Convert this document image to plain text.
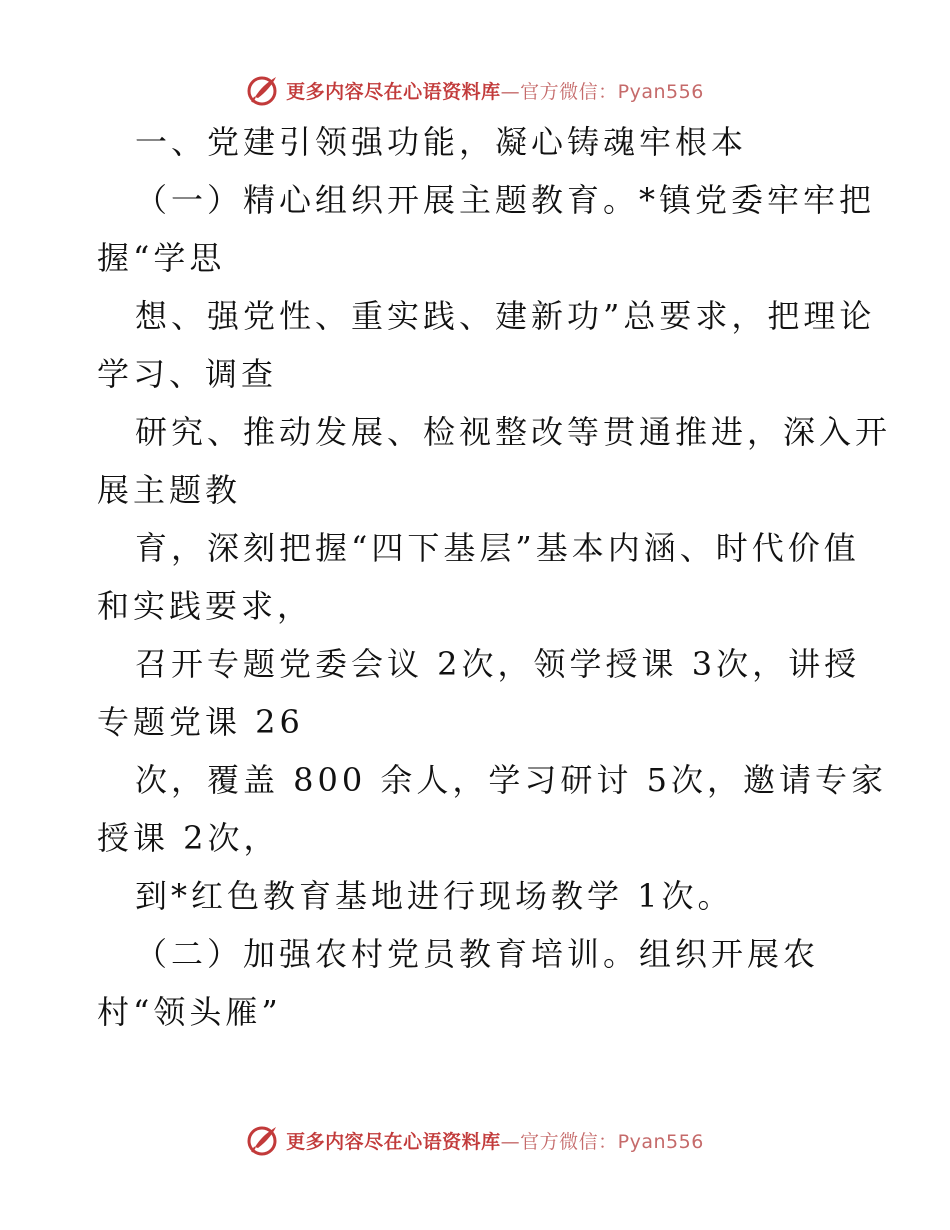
更多内容尽在心语资料库—官方微信：Pyan556
一、党建引领强功能，凝心铸魂牢根本
（一）精心组织开展主题教育。*镇党委牢牢把
握“学思
想、强党性、重实践、建新功”总要求，把理论
学习、调查
研究、推动发展、检视整改等贯通推进，深入开
展主题教
育，深刻把握“四下基层”基本内涵、时代价值
和实践要求，
召开专题党委会议 2次，领学授课 3次，讲授
专题党课 26
次，覆盖 800 余人，学习研讨 5次，邀请专家
授课 2次，
到*红色教育基地进行现场教学 1次。
（二）加强农村党员教育培训。组织开展农
村“领头雁”
更多内容尽在心语资料库—官方微信：Pyan556
